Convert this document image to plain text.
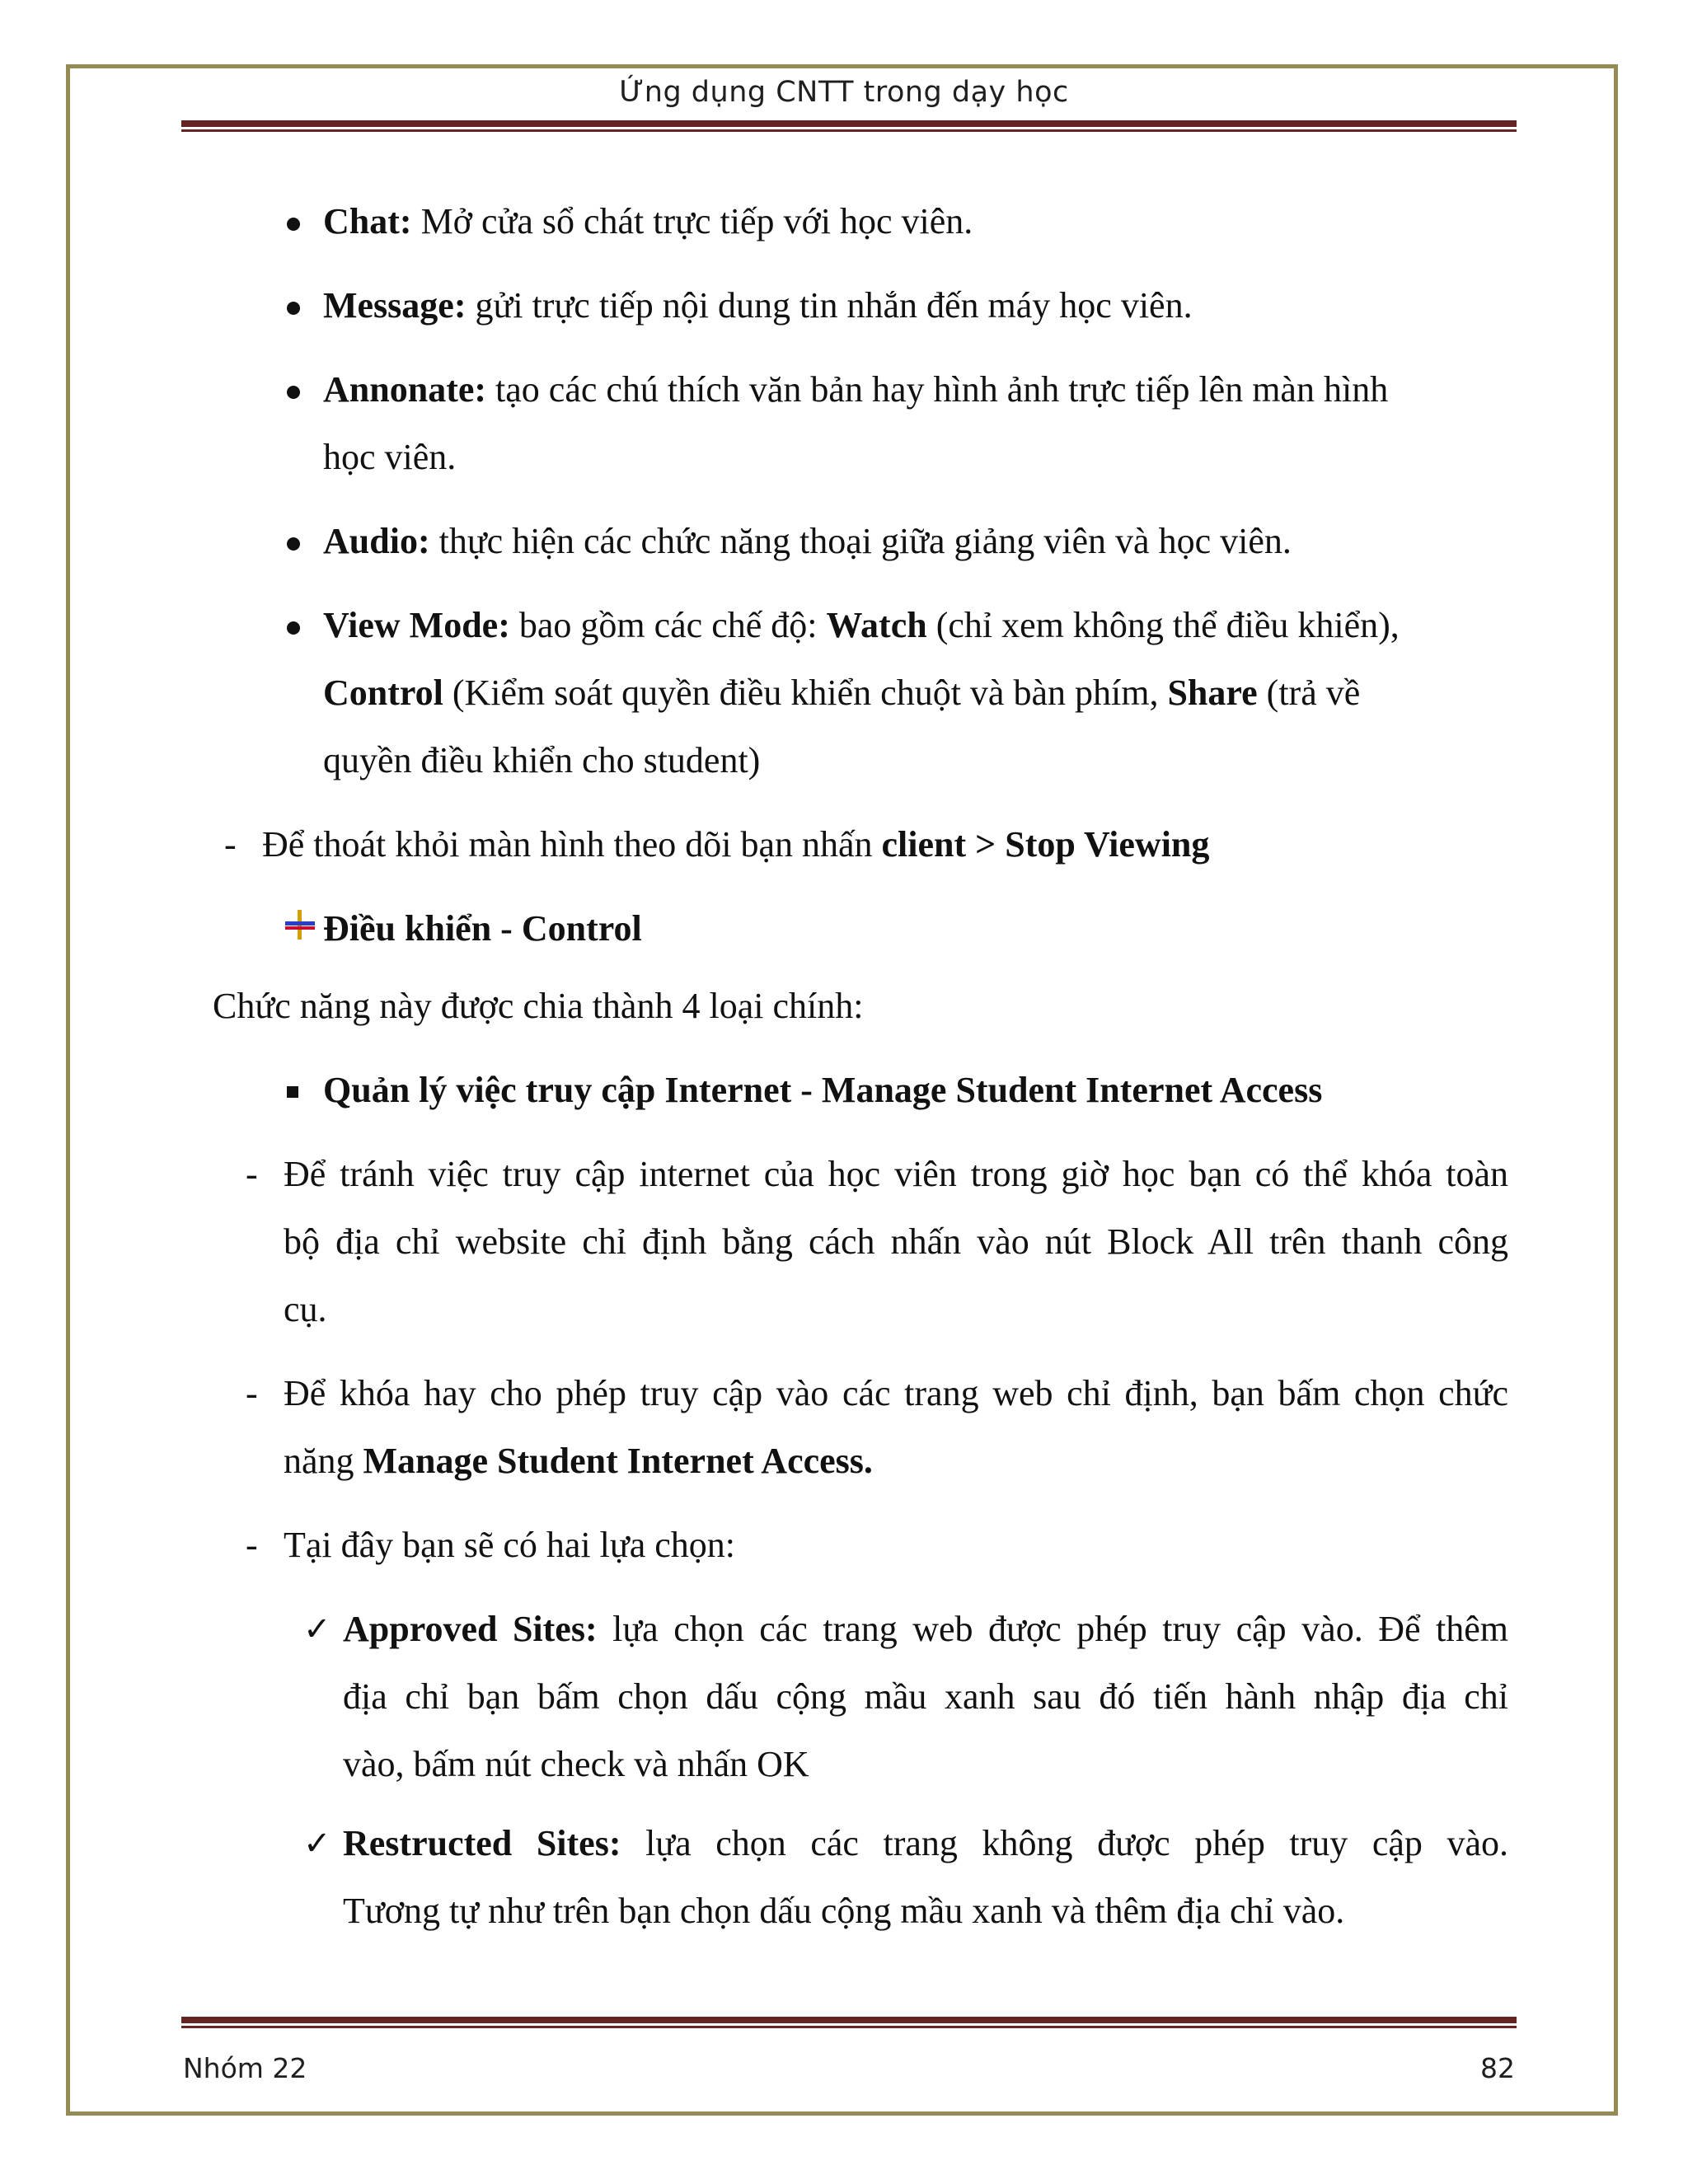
Ứng dụng CNTT trong dạy học
Chat: Mở cửa sổ chát trực tiếp với học viên.
Message: gửi trực tiếp nội dung tin nhắn đến máy học viên.
Annonate: tạo các chú thích văn bản hay hình ảnh trực tiếp lên màn hình
học viên.
Audio: thực hiện các chức năng thoại giữa giảng viên và học viên.
View Mode: bao gồm các chế độ: Watch (chỉ xem không thể điều khiển),
Control (Kiểm soát quyền điều khiển chuột và bàn phím, Share (trả về
quyền điều khiển cho student)
- Để thoát khỏi màn hình theo dõi bạn nhấn client > Stop Viewing
Điều khiển - Control
Chức năng này được chia thành 4 loại chính:
Quản lý việc truy cập Internet - Manage Student Internet Access
- Để tránh việc truy cập internet của học viên trong giờ học bạn có thể khóa toàn
bộ địa chỉ website chỉ định bằng cách nhấn vào nút Block All trên thanh công
cụ.
- Để khóa hay cho phép truy cập vào các trang web chỉ định, bạn bấm chọn chức
năng Manage Student Internet Access.
- Tại đây bạn sẽ có hai lựa chọn:
✓ Approved Sites: lựa chọn các trang web được phép truy cập vào. Để thêm
địa chỉ bạn bấm chọn dấu cộng mầu xanh sau đó tiến hành nhập địa chỉ
vào, bấm nút check và nhấn OK
✓ Restructed Sites: lựa chọn các trang không được phép truy cập vào.
Tương tự như trên bạn chọn dấu cộng mầu xanh và thêm địa chỉ vào.
Nhóm 22	82
